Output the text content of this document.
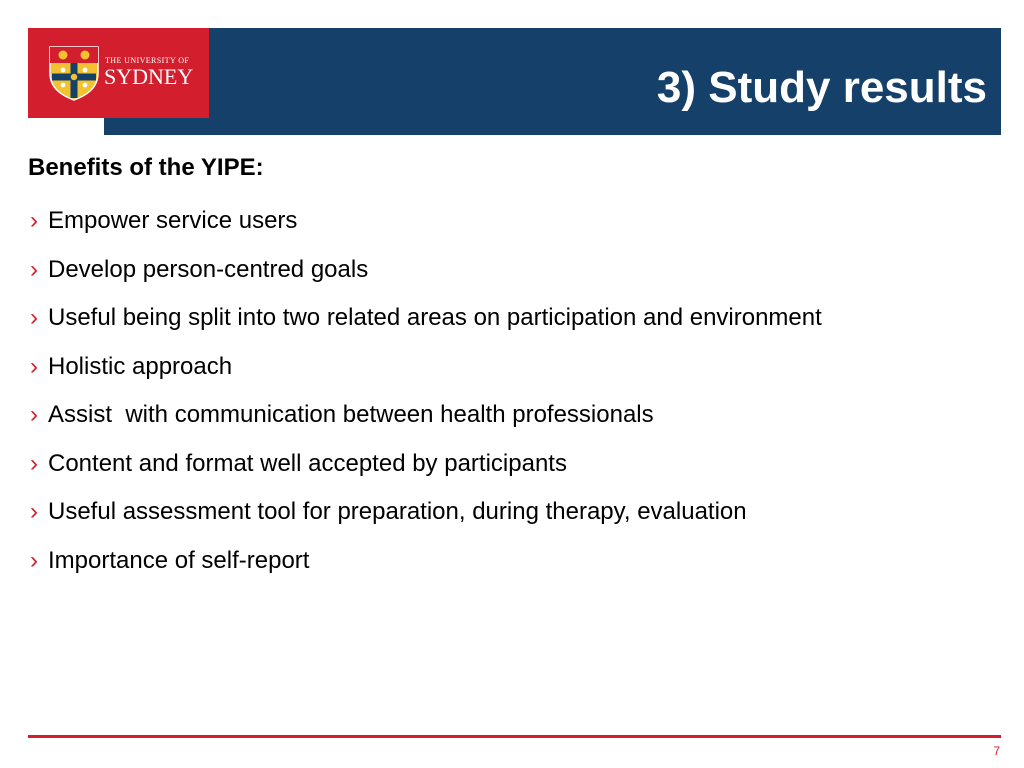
3) Study results
THE UNIVERSITY OF
SYDNEY
Benefits of the YIPE:
› Empower service users
› Develop person-centred goals
› Useful being split into two related areas on participation and environment
› Holistic approach
› Assist  with communication between health professionals
› Content and format well accepted by participants
› Useful assessment tool for preparation, during therapy, evaluation
› Importance of self-report
7
